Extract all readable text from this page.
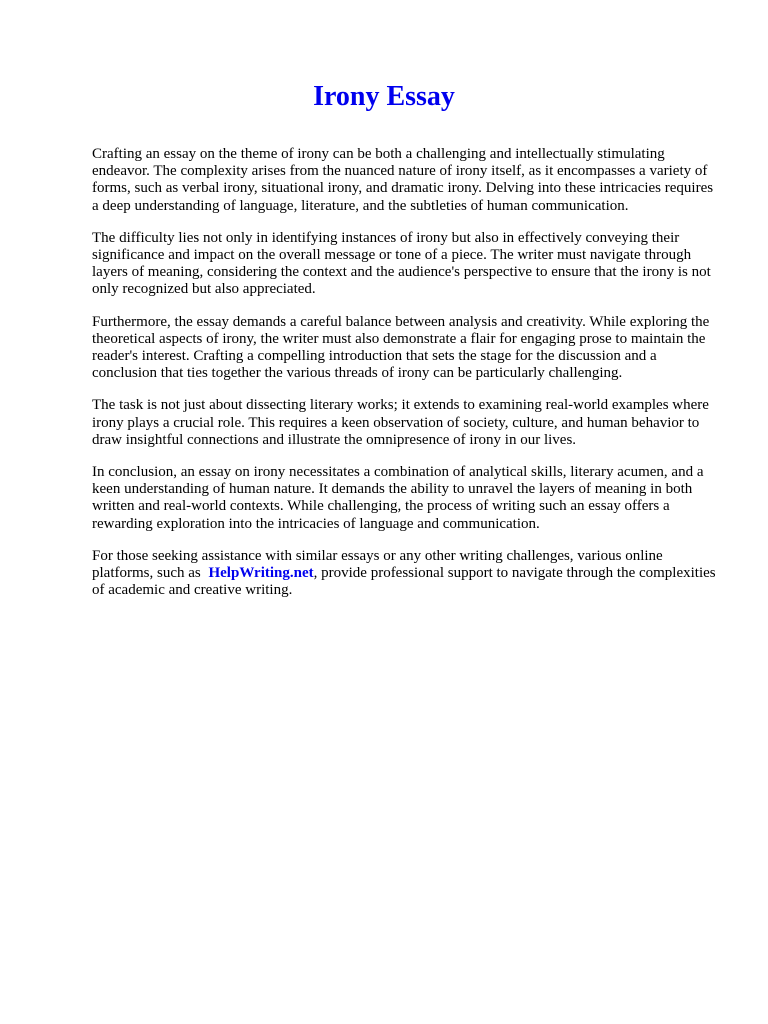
Irony Essay

Crafting an essay on the theme of irony can be both a challenging and intellectually stimulating endeavor. The complexity arises from the nuanced nature of irony itself, as it encompasses a variety of forms, such as verbal irony, situational irony, and dramatic irony. Delving into these intricacies requires a deep understanding of language, literature, and the subtleties of human communication.

The difficulty lies not only in identifying instances of irony but also in effectively conveying their significance and impact on the overall message or tone of a piece. The writer must navigate through layers of meaning, considering the context and the audience's perspective to ensure that the irony is not only recognized but also appreciated.

Furthermore, the essay demands a careful balance between analysis and creativity. While exploring the theoretical aspects of irony, the writer must also demonstrate a flair for engaging prose to maintain the reader's interest. Crafting a compelling introduction that sets the stage for the discussion and a conclusion that ties together the various threads of irony can be particularly challenging.

The task is not just about dissecting literary works; it extends to examining real-world examples where irony plays a crucial role. This requires a keen observation of society, culture, and human behavior to draw insightful connections and illustrate the omnipresence of irony in our lives.

In conclusion, an essay on irony necessitates a combination of analytical skills, literary acumen, and a keen understanding of human nature. It demands the ability to unravel the layers of meaning in both written and real-world contexts. While challenging, the process of writing such an essay offers a rewarding exploration into the intricacies of language and communication.

For those seeking assistance with similar essays or any other writing challenges, various online platforms, such as HelpWriting.net, provide professional support to navigate through the complexities of academic and creative writing.
